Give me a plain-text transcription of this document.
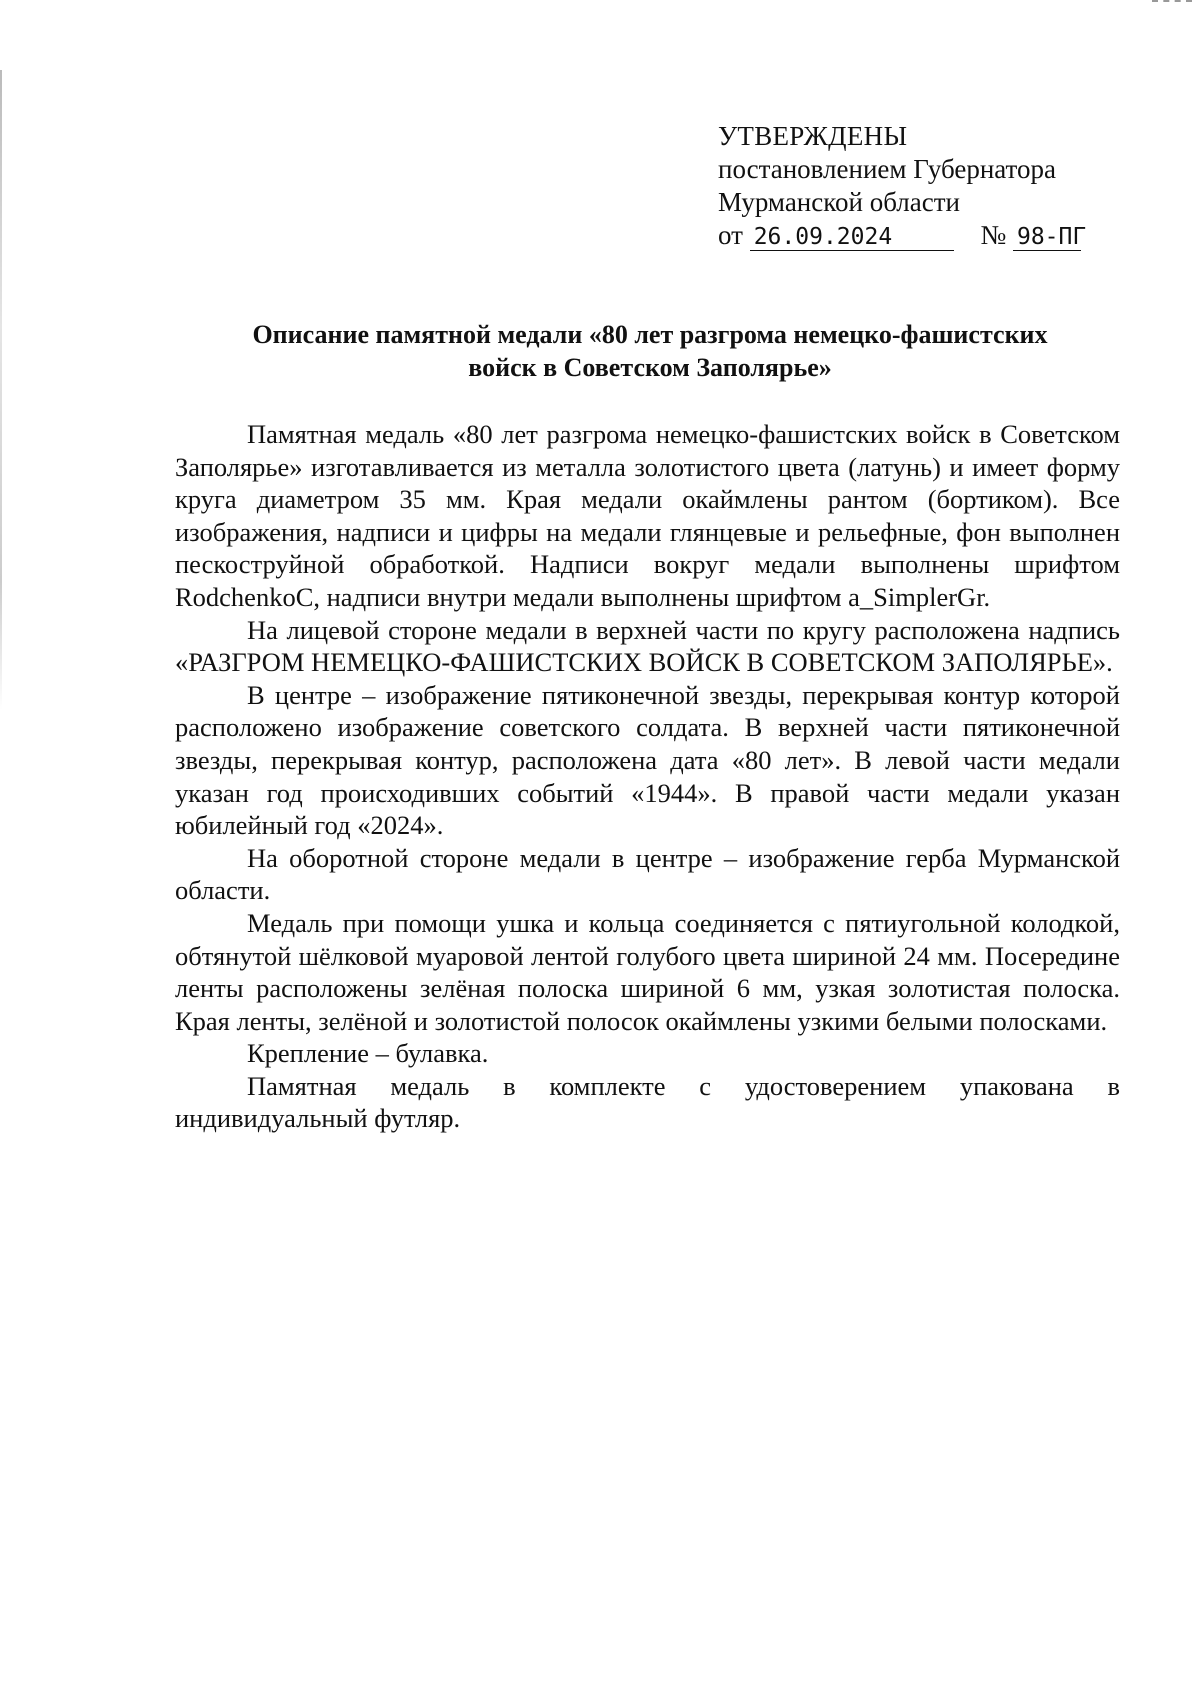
УТВЕРЖДЕНЫ
постановлением Губернатора
Мурманской области
от 26.09.2024	№ 98-ПГ
Описание памятной медали «80 лет разгрома немецко-фашистских
войск в Советском Заполярье»

Памятная медаль «80 лет разгрома немецко-фашистских войск в Советском Заполярье» изготавливается из металла золотистого цвета (латунь) и имеет форму круга диаметром 35 мм. Края медали окаймлены рантом (бортиком). Все изображения, надписи и цифры на медали глянцевые и рельефные, фон выполнен пескоструйной обработкой. Надписи вокруг медали выполнены шрифтом RodchenkoC, надписи внутри медали выполнены шрифтом a_SimplerGr.

На лицевой стороне медали в верхней части по кругу расположена надпись «РАЗГРОМ НЕМЕЦКО-ФАШИСТСКИХ ВОЙСК В СОВЕТСКОМ ЗАПОЛЯРЬЕ».

В центре – изображение пятиконечной звезды, перекрывая контур которой расположено изображение советского солдата. В верхней части пятиконечной звезды, перекрывая контур, расположена дата «80 лет». В левой части медали указан год происходивших событий «1944». В правой части медали указан юбилейный год «2024».

На оборотной стороне медали в центре – изображение герба Мурманской области.

Медаль при помощи ушка и кольца соединяется с пятиугольной колодкой, обтянутой шёлковой муаровой лентой голубого цвета шириной 24 мм. Посередине ленты расположены зелёная полоска шириной 6 мм, узкая золотистая полоска. Края ленты, зелёной и золотистой полосок окаймлены узкими белыми полосками.

Крепление – булавка.

Памятная медаль в комплекте с удостоверением упакована в индивидуальный футляр.
